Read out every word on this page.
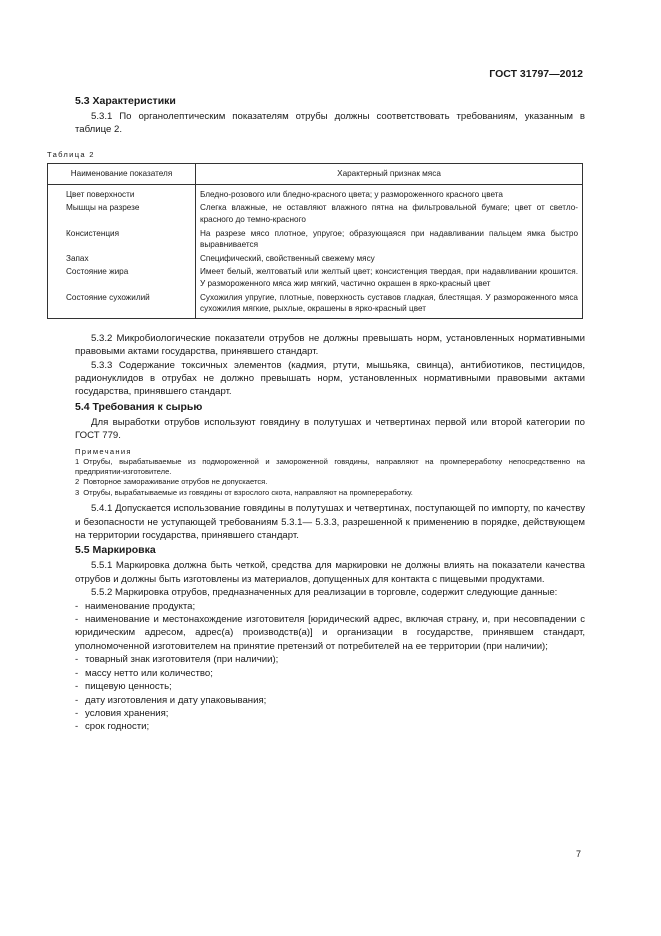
ГОСТ 31797—2012
5.3 Характеристики

5.3.1 По органолептическим показателям отрубы должны соответствовать требованиям, указанным в таблице 2.

Таблица 2
Наименование показателя	Характерный признак мяса
Цвет поверхности	Бледно-розового или бледно-красного цвета; у размороженного красного цвета
Мышцы на разрезе	Слегка влажные, не оставляют влажного пятна на фильтровальной бумаге; цвет от светло-красного до темно-красного
Консистенция	На разрезе мясо плотное, упругое; образующаяся при надавливании пальцем ямка быстро выравнивается
Запах	Специфический, свойственный свежему мясу
Состояние жира	Имеет белый, желтоватый или желтый цвет; консистенция твердая, при надавливании крошится. У размороженного мяса жир мягкий, частично окрашен в ярко-красный цвет
Состояние сухожилий	Сухожилия упругие, плотные, поверхность суставов гладкая, блестящая. У размороженного мяса сухожилия мягкие, рыхлые, окрашены в ярко-красный цвет

5.3.2 Микробиологические показатели отрубов не должны превышать норм, установленных нормативными правовыми актами государства, принявшего стандарт.

5.3.3 Содержание токсичных элементов (кадмия, ртути, мышьяка, свинца), антибиотиков, пестицидов, радионуклидов в отрубах не должно превышать норм, установленных нормативными правовыми актами государства, принявшего стандарт.

5.4 Требования к сырью

Для выработки отрубов используют говядину в полутушах и четвертинах первой или второй категории по ГОСТ 779.

Примечания

1 Отрубы, вырабатываемые из подмороженной и замороженной говядины, направляют на промпереработку непосредственно на предприятии-изготовителе.

2 Повторное замораживание отрубов не допускается.

3 Отрубы, вырабатываемые из говядины от взрослого скота, направляют на промпереработку.

5.4.1 Допускается использование говядины в полутушах и четвертинах, поступающей по импорту, по качеству и безопасности не уступающей требованиям 5.3.1— 5.3.3, разрешенной к применению в порядке, действующем на территории государства, принявшего стандарт.

5.5 Маркировка

5.5.1 Маркировка должна быть четкой, средства для маркировки не должны влиять на показатели качества отрубов и должны быть изготовлены из материалов, допущенных для контакта с пищевыми продуктами.

5.5.2 Маркировка отрубов, предназначенных для реализации в торговле, содержит следующие данные:

- наименование продукта;
- наименование и местонахождение изготовителя [юридический адрес, включая страну, и, при несовпадении с юридическим адресом, адрес(а) производств(а)] и организации в государстве, принявшем стандарт, уполномоченной изготовителем на принятие претензий от потребителей на ее территории (при наличии);
- товарный знак изготовителя (при наличии);
- массу нетто или количество;
- пищевую ценность;
- дату изготовления и дату упаковывания;
- условия хранения;
- срок годности;
7
